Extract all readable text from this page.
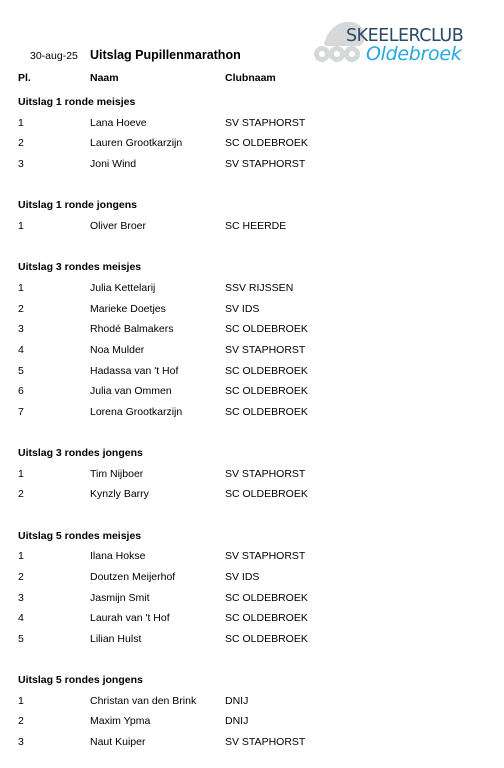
30-aug-25 Uitslag Pupillenmarathon
SKEELERCLUB
Oldebroek
Pl.	Naam	Clubnaam
Uitslag 1 ronde meisjes
1	Lana Hoeve	SV STAPHORST
2	Lauren Grootkarzijn	SC OLDEBROEK
3	Joni Wind	SV STAPHORST
Uitslag 1 ronde jongens
1	Oliver Broer	SC HEERDE
Uitslag 3 rondes meisjes
1	Julia Kettelarij	SSV RIJSSEN
2	Marieke Doetjes	SV IDS
3	Rhodé Balmakers	SC OLDEBROEK
4	Noa Mulder	SV STAPHORST
5	Hadassa van 't Hof	SC OLDEBROEK
6	Julia van Ommen	SC OLDEBROEK
7	Lorena Grootkarzijn	SC OLDEBROEK
Uitslag 3 rondes jongens
1	Tim Nijboer	SV STAPHORST
2	Kynzly Barry	SC OLDEBROEK
Uitslag 5 rondes meisjes
1	Ilana Hokse	SV STAPHORST
2	Doutzen Meijerhof	SV IDS
3	Jasmijn Smit	SC OLDEBROEK
4	Laurah van 't Hof	SC OLDEBROEK
5	Lilian Hulst	SC OLDEBROEK
Uitslag 5 rondes jongens
1	Christan van den Brink	DNIJ
2	Maxim Ypma	DNIJ
3	Naut Kuiper	SV STAPHORST
